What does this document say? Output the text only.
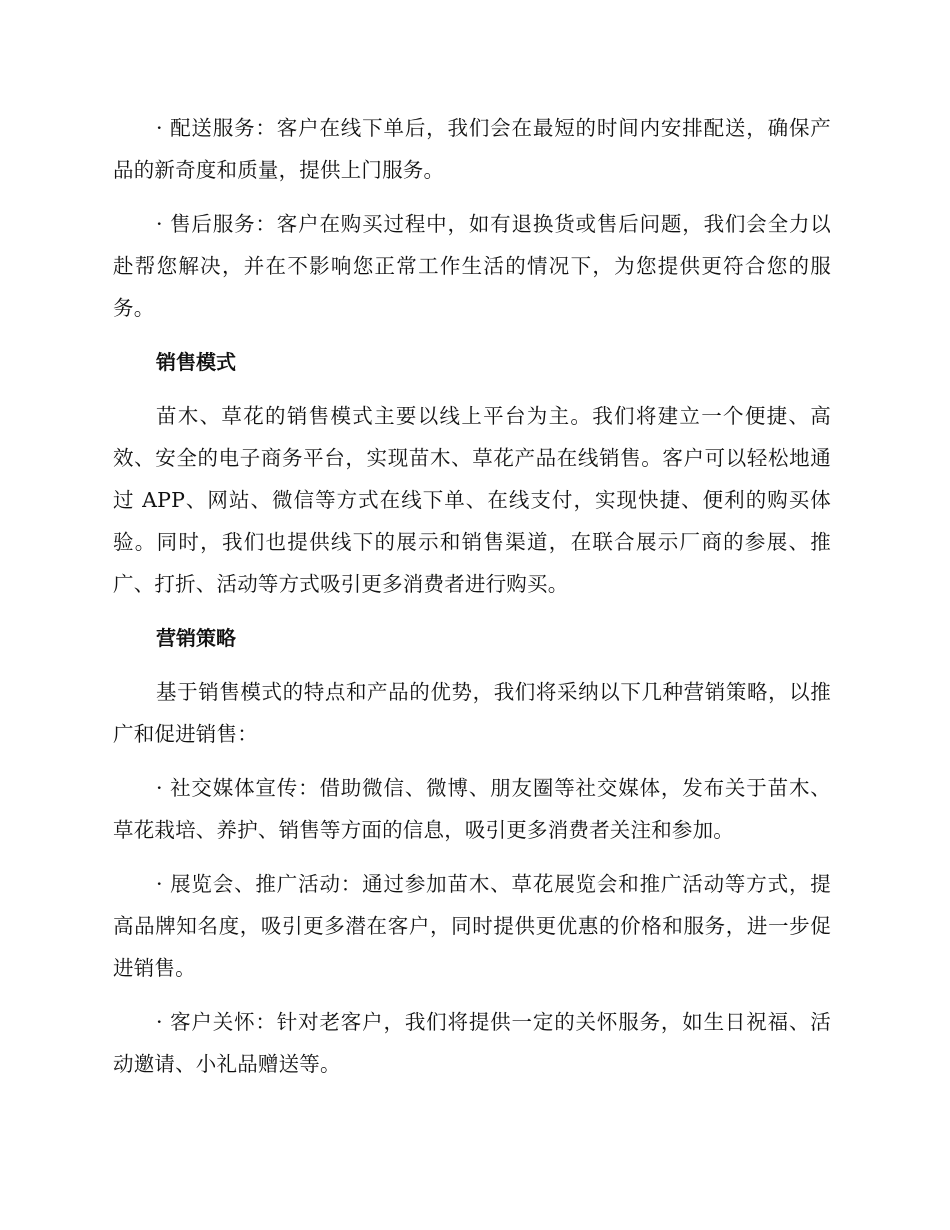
· 配送服务：客户在线下单后，我们会在最短的时间内安排配送，确保产品的新奇度和质量，提供上门服务。

· 售后服务：客户在购买过程中，如有退换货或售后问题，我们会全力以赴帮您解决，并在不影响您正常工作生活的情况下，为您提供更符合您的服务。

销售模式

苗木、草花的销售模式主要以线上平台为主。我们将建立一个便捷、高效、安全的电子商务平台，实现苗木、草花产品在线销售。客户可以轻松地通过 APP、网站、微信等方式在线下单、在线支付，实现快捷、便利的购买体验。同时，我们也提供线下的展示和销售渠道，在联合展示厂商的参展、推广、打折、活动等方式吸引更多消费者进行购买。

营销策略

基于销售模式的特点和产品的优势，我们将采纳以下几种营销策略，以推广和促进销售：

· 社交媒体宣传：借助微信、微博、朋友圈等社交媒体，发布关于苗木、草花栽培、养护、销售等方面的信息，吸引更多消费者关注和参加。

· 展览会、推广活动：通过参加苗木、草花展览会和推广活动等方式，提高品牌知名度，吸引更多潜在客户，同时提供更优惠的价格和服务，进一步促进销售。

· 客户关怀：针对老客户，我们将提供一定的关怀服务，如生日祝福、活动邀请、小礼品赠送等。
